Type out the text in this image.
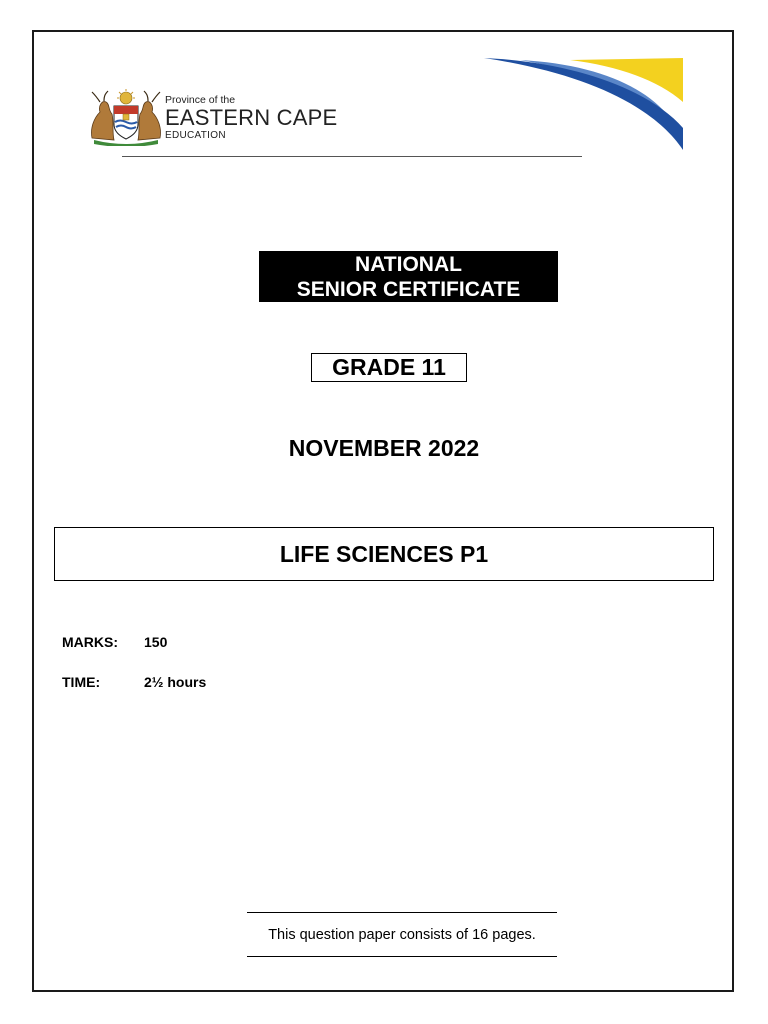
Province of the
EASTERN CAPE
EDUCATION
NATIONAL
SENIOR CERTIFICATE
GRADE 11
NOVEMBER 2022
LIFE SCIENCES P1
MARKS: 150
TIME:	2½ hours
This question paper consists of 16 pages.
